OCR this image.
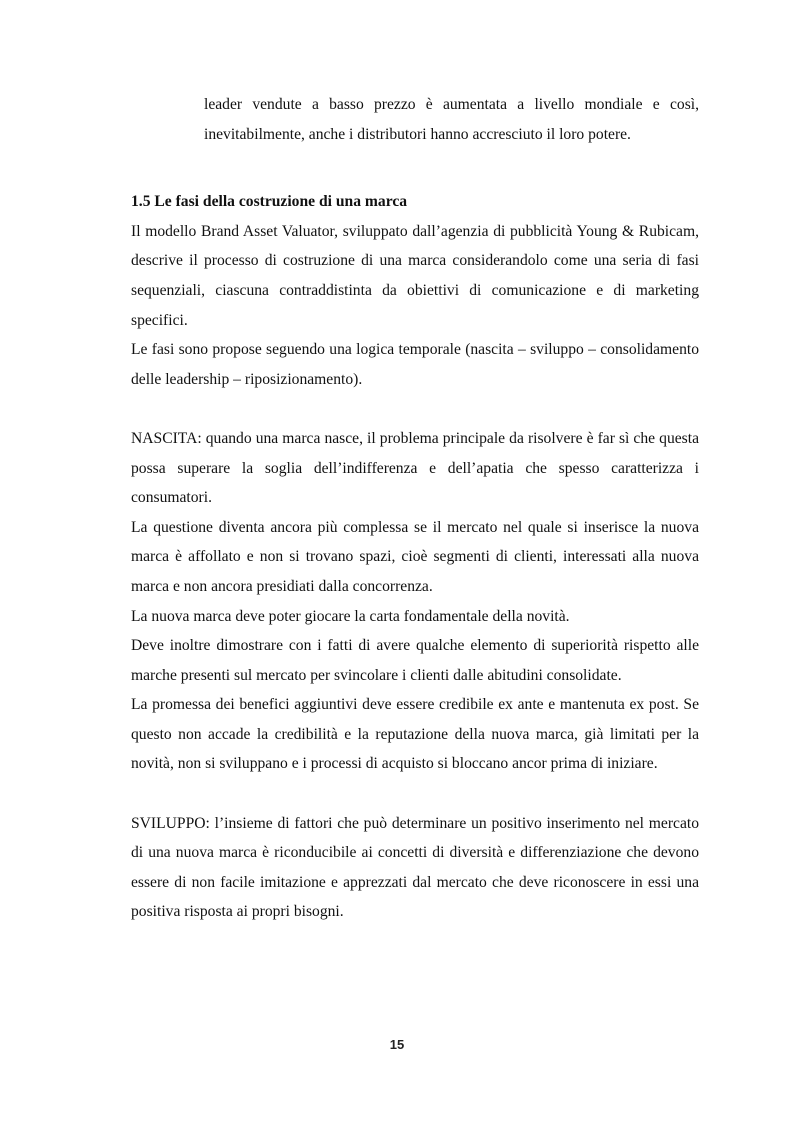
leader vendute a basso prezzo è aumentata a livello mondiale e così, inevitabilmente, anche i distributori hanno accresciuto il loro potere.

1.5 Le fasi della costruzione di una marca

Il modello Brand Asset Valuator, sviluppato dall’agenzia di pubblicità Young & Rubicam, descrive il processo di costruzione di una marca considerandolo come una seria di fasi sequenziali, ciascuna contraddistinta da obiettivi di comunicazione e di marketing specifici.

Le fasi sono propose seguendo una logica temporale (nascita – sviluppo – consolidamento delle leadership – riposizionamento).

NASCITA: quando una marca nasce, il problema principale da risolvere è far sì che questa possa superare la soglia dell’indifferenza e dell’apatia che spesso caratterizza i consumatori.

La questione diventa ancora più complessa se il mercato nel quale si inserisce la nuova marca è affollato e non si trovano spazi, cioè segmenti di clienti, interessati alla nuova marca e non ancora presidiati dalla concorrenza.

La nuova marca deve poter giocare la carta fondamentale della novità.

Deve inoltre dimostrare con i fatti di avere qualche elemento di superiorità rispetto alle marche presenti sul mercato per svincolare i clienti dalle abitudini consolidate.

La promessa dei benefici aggiuntivi deve essere credibile ex ante e mantenuta ex post. Se questo non accade la credibilità e la reputazione della nuova marca, già limitati per la novità, non si sviluppano e i processi di acquisto si bloccano ancor prima di iniziare.

SVILUPPO: l’insieme di fattori che può determinare un positivo inserimento nel mercato di una nuova marca è riconducibile ai concetti di diversità e differenziazione che devono essere di non facile imitazione e apprezzati dal mercato che deve riconoscere in essi una positiva risposta ai propri bisogni.

15
